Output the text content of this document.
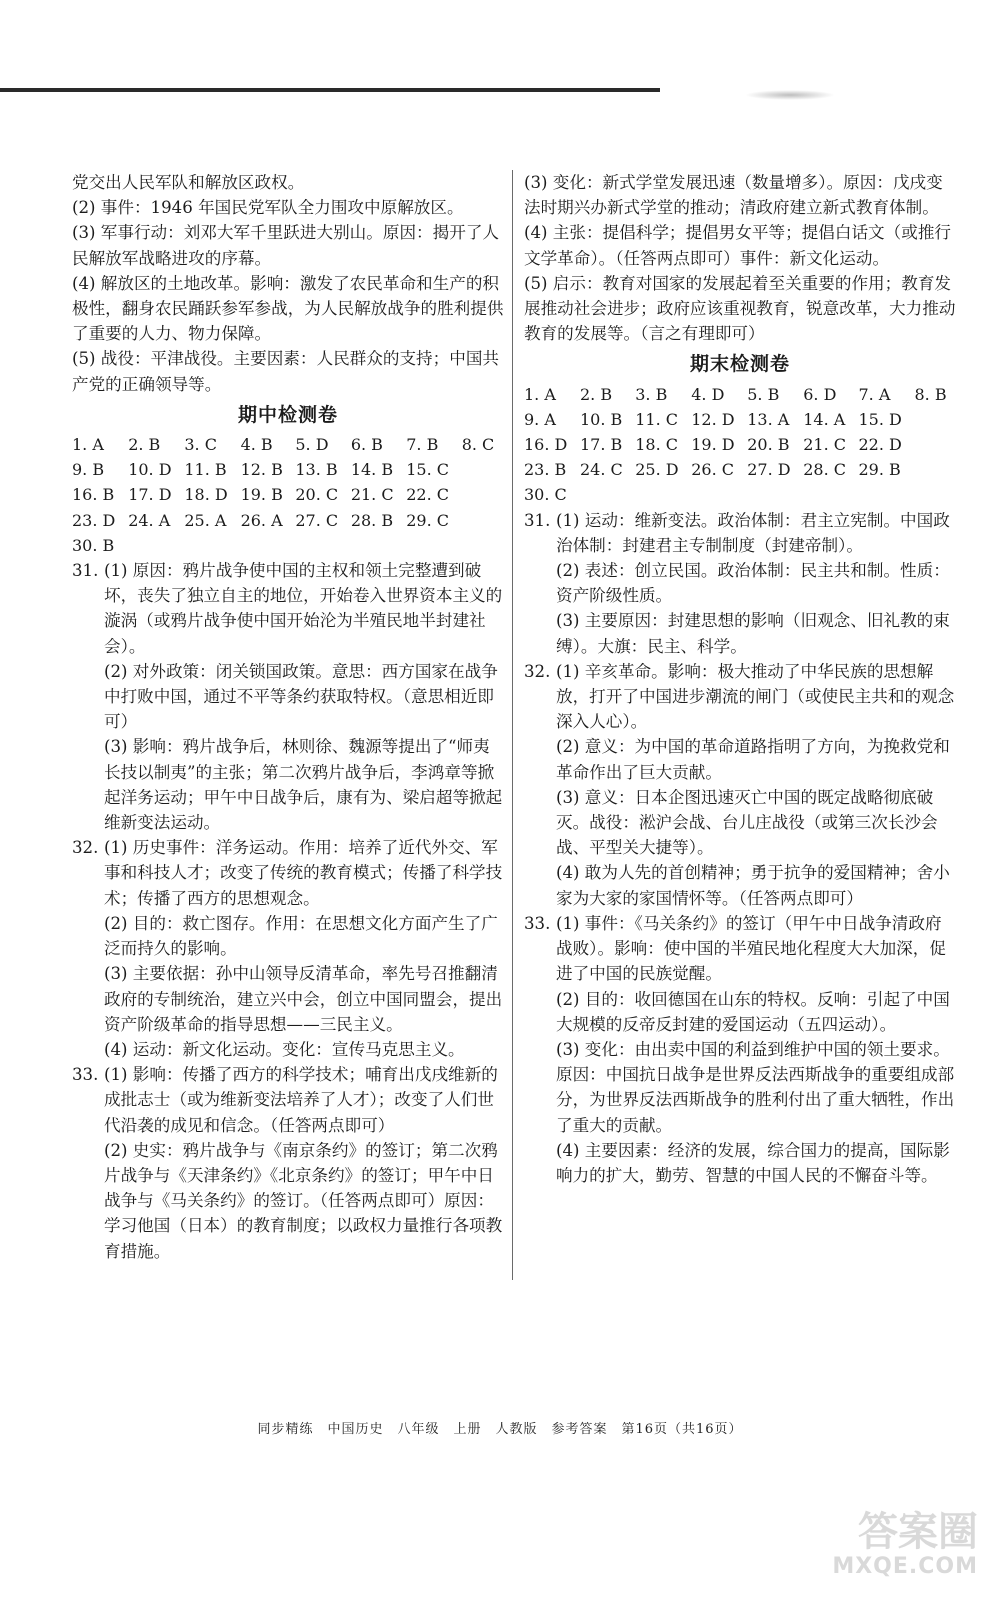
党交出人民军队和解放区政权。

(2) 事件：1946 年国民党军队全力围攻中原解放区。

(3) 军事行动：刘邓大军千里跃进大别山。原因：揭开了人民解放军战略进攻的序幕。

(4) 解放区的土地改革。影响：激发了农民革命和生产的积极性，翻身农民踊跃参军参战，为人民解放战争的胜利提供了重要的人力、物力保障。

(5) 战役：平津战役。主要因素：人民群众的支持；中国共产党的正确领导等。

期中检测卷
1. A	2. B	3. C	4. B	5. D	6. B	7. B	8. C
9. B	10. D	11. B	12. B	13. B	14. B	15. C	
16. B	17. D	18. D	19. B	20. C	21. C	22. C	
23. D	24. A	25. A	26. A	27. C	28. B	29. C	
30. B							
31. (1) 原因：鸦片战争使中国的主权和领土完整遭到破坏，丧失了独立自主的地位，开始卷入世界资本主义的漩涡（或鸦片战争使中国开始沦为半殖民地半封建社会）。

(2) 对外政策：闭关锁国政策。意思：西方国家在战争中打败中国，通过不平等条约获取特权。（意思相近即可）

(3) 影响：鸦片战争后，林则徐、魏源等提出了“师夷长技以制夷”的主张；第二次鸦片战争后，李鸿章等掀起洋务运动；甲午中日战争后，康有为、梁启超等掀起维新变法运动。

32. (1) 历史事件：洋务运动。作用：培养了近代外交、军事和科技人才；改变了传统的教育模式；传播了科学技术；传播了西方的思想观念。

(2) 目的：救亡图存。作用：在思想文化方面产生了广泛而持久的影响。

(3) 主要依据：孙中山领导反清革命，率先号召推翻清政府的专制统治，建立兴中会，创立中国同盟会，提出资产阶级革命的指导思想——三民主义。

(4) 运动：新文化运动。变化：宣传马克思主义。

33. (1) 影响：传播了西方的科学技术；哺育出戊戌维新的成批志士（或为维新变法培养了人才）；改变了人们世代沿袭的成见和信念。（任答两点即可）

(2) 史实：鸦片战争与《南京条约》的签订；第二次鸦片战争与《天津条约》《北京条约》的签订；甲午中日战争与《马关条约》的签订。（任答两点即可）原因：学习他国（日本）的教育制度；以政权力量推行各项教育措施。

(3) 变化：新式学堂发展迅速（数量增多）。原因：戊戌变法时期兴办新式学堂的推动；清政府建立新式教育体制。

(4) 主张：提倡科学；提倡男女平等；提倡白话文（或推行文学革命）。（任答两点即可）事件：新文化运动。

(5) 启示：教育对国家的发展起着至关重要的作用；教育发展推动社会进步；政府应该重视教育，锐意改革，大力推动教育的发展等。（言之有理即可）

期末检测卷
1. A	2. B	3. B	4. D	5. B	6. D	7. A	8. B
9. A	10. B	11. C	12. D	13. A	14. A	15. D	
16. D	17. B	18. C	19. D	20. B	21. C	22. D	
23. B	24. C	25. D	26. C	27. D	28. C	29. B	
30. C							
31. (1) 运动：维新变法。政治体制：君主立宪制。中国政治体制：封建君主专制制度（封建帝制）。

(2) 表述：创立民国。政治体制：民主共和制。性质：资产阶级性质。

(3) 主要原因：封建思想的影响（旧观念、旧礼教的束缚）。大旗：民主、科学。

32. (1) 辛亥革命。影响：极大推动了中华民族的思想解放，打开了中国进步潮流的闸门（或使民主共和的观念深入人心）。

(2) 意义：为中国的革命道路指明了方向，为挽救党和革命作出了巨大贡献。

(3) 意义：日本企图迅速灭亡中国的既定战略彻底破灭。战役：淞沪会战、台儿庄战役（或第三次长沙会战、平型关大捷等）。

(4) 敢为人先的首创精神；勇于抗争的爱国精神；舍小家为大家的家国情怀等。（任答两点即可）

33. (1) 事件：《马关条约》的签订（甲午中日战争清政府战败）。影响：使中国的半殖民地化程度大大加深，促进了中国的民族觉醒。

(2) 目的：收回德国在山东的特权。反响：引起了中国大规模的反帝反封建的爱国运动（五四运动）。

(3) 变化：由出卖中国的利益到维护中国的领土要求。原因：中国抗日战争是世界反法西斯战争的重要组成部分，为世界反法西斯战争的胜利付出了重大牺牲，作出了重大的贡献。

(4) 主要因素：经济的发展，综合国力的提高，国际影响力的扩大，勤劳、智慧的中国人民的不懈奋斗等。

同步精练　中国历史　八年级　上册　人教版　参考答案　第16页（共16页）
答案圈
MXQE.COM
